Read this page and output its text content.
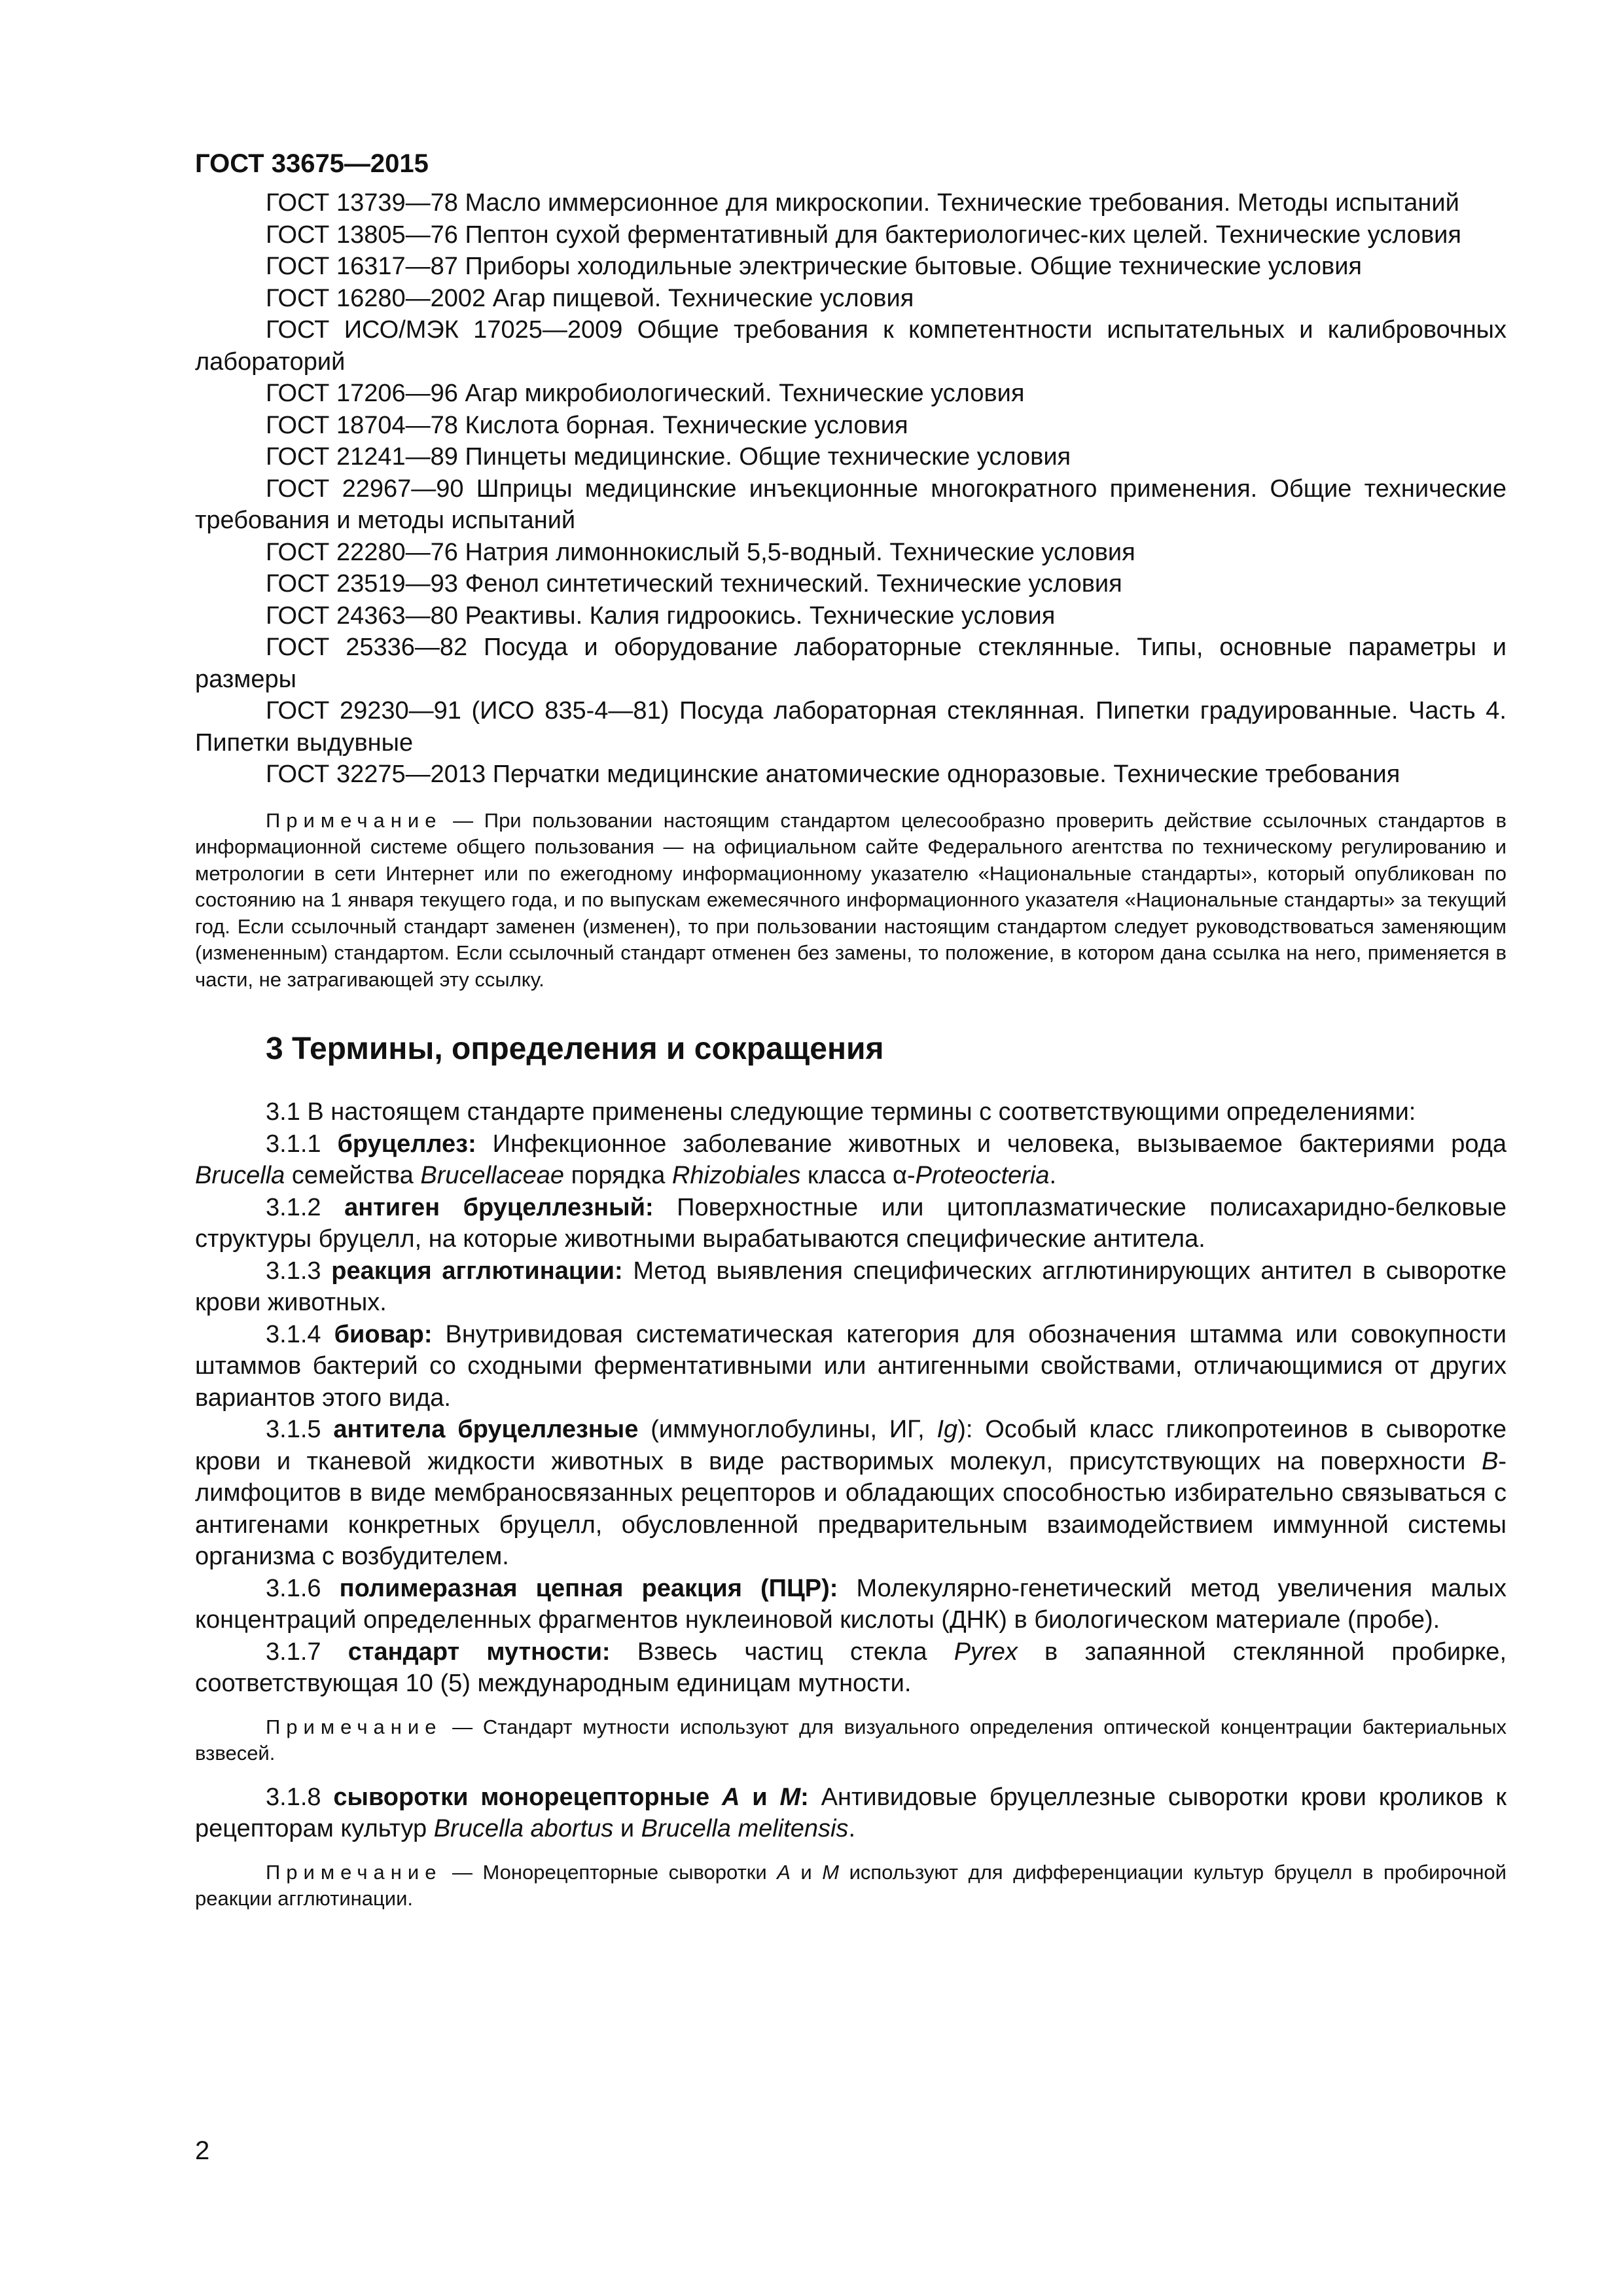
ГОСТ 33675—2015

ГОСТ 13739—78 Масло иммерсионное для микроскопии. Технические требования. Методы испытаний

ГОСТ 13805—76 Пептон сухой ферментативный для бактериологичес-ких целей. Технические условия

ГОСТ 16317—87 Приборы холодильные электрические бытовые. Общие технические условия

ГОСТ 16280—2002 Агар пищевой. Технические условия

ГОСТ ИСО/МЭК 17025—2009 Общие требования к компетентности испытательных и калибровочных лабораторий

ГОСТ 17206—96 Агар микробиологический. Технические условия

ГОСТ 18704—78 Кислота борная. Технические условия

ГОСТ 21241—89 Пинцеты медицинские. Общие технические условия

ГОСТ 22967—90 Шприцы медицинские инъекционные многократного применения. Общие технические требования и методы испытаний

ГОСТ 22280—76 Натрия лимоннокислый 5,5-водный. Технические условия

ГОСТ 23519—93 Фенол синтетический технический. Технические условия

ГОСТ 24363—80 Реактивы. Калия гидроокись. Технические условия

ГОСТ 25336—82 Посуда и оборудование лабораторные стеклянные. Типы, основные параметры и размеры

ГОСТ 29230—91 (ИСО 835-4—81) Посуда лабораторная стеклянная. Пипетки градуированные. Часть 4. Пипетки выдувные

ГОСТ 32275—2013 Перчатки медицинские анатомические одноразовые. Технические требования

Примечание — При пользовании настоящим стандартом целесообразно проверить действие ссылочных стандартов в информационной системе общего пользования — на официальном сайте Федерального агентства по техническому регулированию и метрологии в сети Интернет или по ежегодному информационному указателю «Национальные стандарты», который опубликован по состоянию на 1 января текущего года, и по выпускам ежемесячного информационного указателя «Национальные стандарты» за текущий год. Если ссылочный стандарт заменен (изменен), то при пользовании настоящим стандартом следует руководствоваться заменяющим (измененным) стандартом. Если ссылочный стандарт отменен без замены, то положение, в котором дана ссылка на него, применяется в части, не затрагивающей эту ссылку.

3 Термины, определения и сокращения

3.1 В настоящем стандарте применены следующие термины с соответствующими определениями:

3.1.1 бруцеллез: Инфекционное заболевание животных и человека, вызываемое бактериями рода Brucella семейства Brucellaceae порядка Rhizobiales класса α-Proteocteria.

3.1.2 антиген бруцеллезный: Поверхностные или цитоплазматические полисахаридно-белковые структуры бруцелл, на которые животными вырабатываются специфические антитела.

3.1.3 реакция агглютинации: Метод выявления специфических агглютинирующих антител в сыворотке крови животных.

3.1.4 биовар: Внутривидовая систематическая категория для обозначения штамма или совокупности штаммов бактерий со сходными ферментативными или антигенными свойствами, отличающимися от других вариантов этого вида.

3.1.5 антитела бруцеллезные (иммуноглобулины, ИГ, Ig): Особый класс гликопротеинов в сыворотке крови и тканевой жидкости животных в виде растворимых молекул, присутствующих на поверхности В-лимфоцитов в виде мембраносвязанных рецепторов и обладающих способностью избирательно связываться с антигенами конкретных бруцелл, обусловленной предварительным взаимодействием иммунной системы организма с возбудителем.

3.1.6 полимеразная цепная реакция (ПЦР): Молекулярно-генетический метод увеличения малых концентраций определенных фрагментов нуклеиновой кислоты (ДНК) в биологическом материале (пробе).

3.1.7 стандарт мутности: Взвесь частиц стекла Pyrex в запаянной стеклянной пробирке, соответствующая 10 (5) международным единицам мутности.

Примечание — Стандарт мутности используют для визуального определения оптической концентрации бактериальных взвесей.

3.1.8 сыворотки монорецепторные А и М: Антивидовые бруцеллезные сыворотки крови кроликов к рецепторам культур Brucella abortus и Brucella melitensis.

Примечание — Монорецепторные сыворотки А и М используют для дифференциации культур бруцелл в пробирочной реакции агглютинации.

2
